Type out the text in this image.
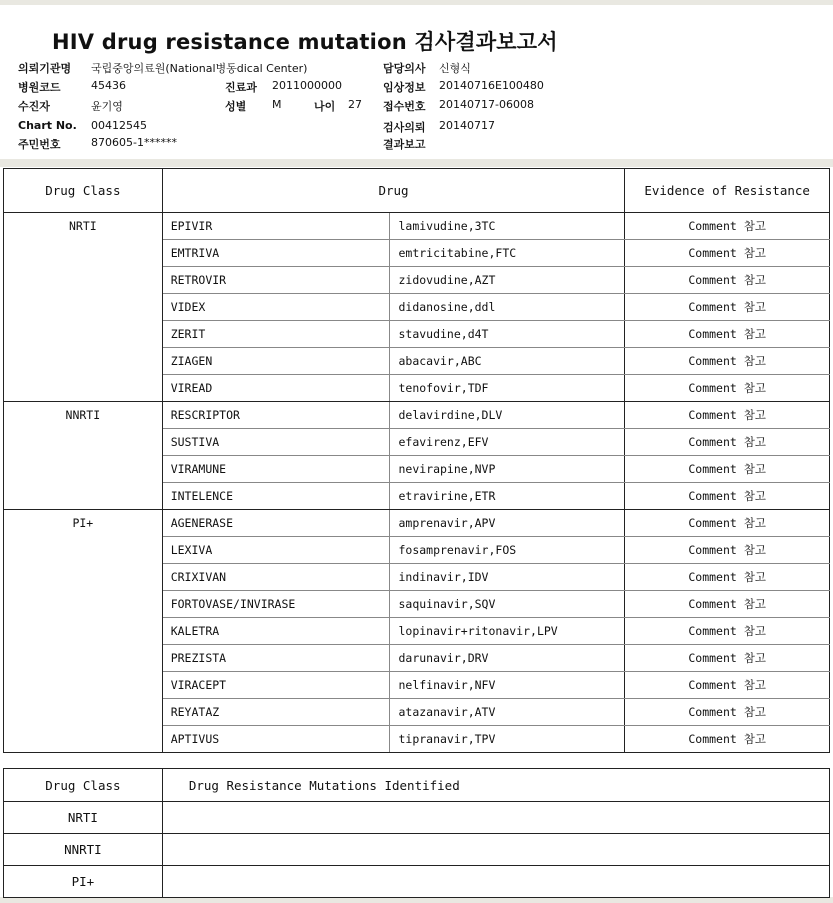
HIV drug resistance mutation 검사결과보고서
의뢰기관명 국립중앙의료원(National병동dical Center)
병원코드	45436	진료과 2011000000
수진자	윤기영	성별 M	나이 27
Chart No. 00412545
주민번호	870605-1******
담당의사 신형식
임상정보 20140716E100480
접수번호 20140717-06008
검사의뢰 20140717
결과보고
Drug Class	Drug		Evidence of Resistance
NRTI	EPIVIR	lamivudine,3TC	Comment 참고
	EMTRIVA	emtricitabine,FTC	Comment 참고
	RETROVIR	zidovudine,AZT	Comment 참고
	VIDEX	didanosine,ddl	Comment 참고
	ZERIT	stavudine,d4T	Comment 참고
	ZIAGEN	abacavir,ABC	Comment 참고
	VIREAD	tenofovir,TDF	Comment 참고
NNRTI	RESCRIPTOR	delavirdine,DLV	Comment 참고
	SUSTIVA	efavirenz,EFV	Comment 참고
	VIRAMUNE	nevirapine,NVP	Comment 참고
	INTELENCE	etravirine,ETR	Comment 참고
PI+	AGENERASE	amprenavir,APV	Comment 참고
	LEXIVA	fosamprenavir,FOS	Comment 참고
	CRIXIVAN	indinavir,IDV	Comment 참고
	FORTOVASE/INVIRASE	saquinavir,SQV	Comment 참고
	KALETRA	lopinavir+ritonavir,LPV	Comment 참고
	PREZISTA	darunavir,DRV	Comment 참고
	VIRACEPT	nelfinavir,NFV	Comment 참고
	REYATAZ	atazanavir,ATV	Comment 참고
	APTIVUS	tipranavir,TPV	Comment 참고
Drug Class	Drug Resistance Mutations Identified
NRTI	
NNRTI	
PI+	
